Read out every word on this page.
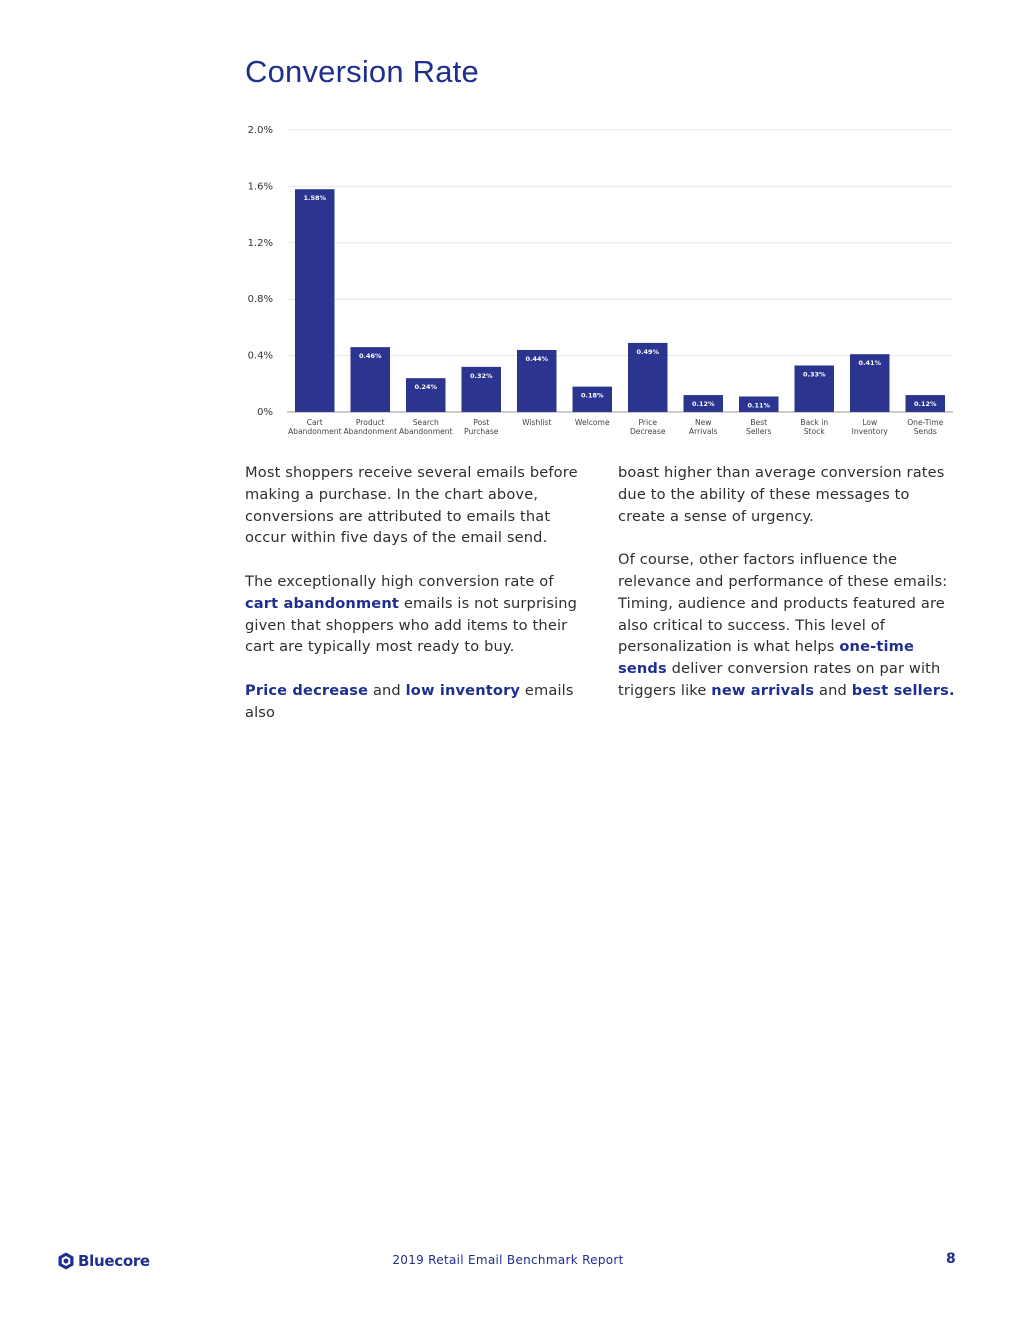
Conversion Rate
0%
0.4%
0.8%
1.2%
1.6%
2.0%
1.58%
Cart
Abandonment
0.46%
Product
Abandonment
0.24%
Search
Abandonment
0.32%
Post
Purchase
0.44%
Wishlist
0.18%
Welcome
0.49%
Price
Decrease
0.12%
New
Arrivals
0.11%
Best
Sellers
0.33%
Back in
Stock
0.41%
Low
Inventory
0.12%
One-Time
Sends

Most shoppers receive several emails before making a purchase. In the chart above, conversions are attributed to emails that occur within five days of the email send.

The exceptionally high conversion rate of cart abandonment emails is not surprising given that shoppers who add items to their cart are typically most ready to buy.

Price decrease and low inventory emails also

boast higher than average conversion rates due to the ability of these messages to create a sense of urgency.

Of course, other factors influence the relevance and performance of these emails: Timing, audience and products featured are also critical to success. This level of personalization is what helps one-time sends deliver conversion rates on par with triggers like new arrivals and best sellers.

Bluecore	2019 Retail Email Benchmark Report	8
